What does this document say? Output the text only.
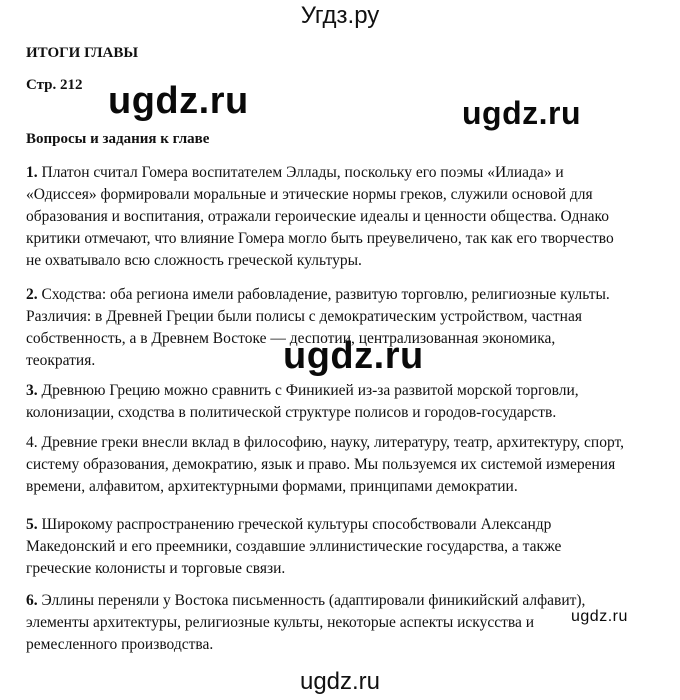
Угдз.ру
ИТОГИ ГЛАВЫ

Стр. 212

Вопросы и задания к главе

1. Платон считал Гомера воспитателем Эллады, поскольку его поэмы «Илиада» и «Одиссея» формировали моральные и этические нормы греков, служили основой для образования и воспитания, отражали героические идеалы и ценности общества. Однако критики отмечают, что влияние Гомера могло быть преувеличено, так как его творчество не охватывало всю сложность греческой культуры.

2. Сходства: оба региона имели рабовладение, развитую торговлю, религиозные культы. Различия: в Древней Греции были полисы с демократическим устройством, частная собственность, а в Древнем Востоке — деспотии, централизованная экономика, теократия.

3. Древнюю Грецию можно сравнить с Финикией из-за развитой морской торговли, колонизации, сходства в политической структуре полисов и городов-государств.

4. Древние греки внесли вклад в философию, науку, литературу, театр, архитектуру, спорт, систему образования, демократию, язык и право. Мы пользуемся их системой измерения времени, алфавитом, архитектурными формами, принципами демократии.

5. Широкому распространению греческой культуры способствовали Александр Македонский и его преемники, создавшие эллинистические государства, а также греческие колонисты и торговые связи.

6. Эллины переняли у Востока письменность (адаптировали финикийский алфавит), элементы архитектуры, религиозные культы, некоторые аспекты искусства и ремесленного производства.

ugdz.ru	ugdz.ru
ugdz.ru
ugdz.ru
ugdz.ru
